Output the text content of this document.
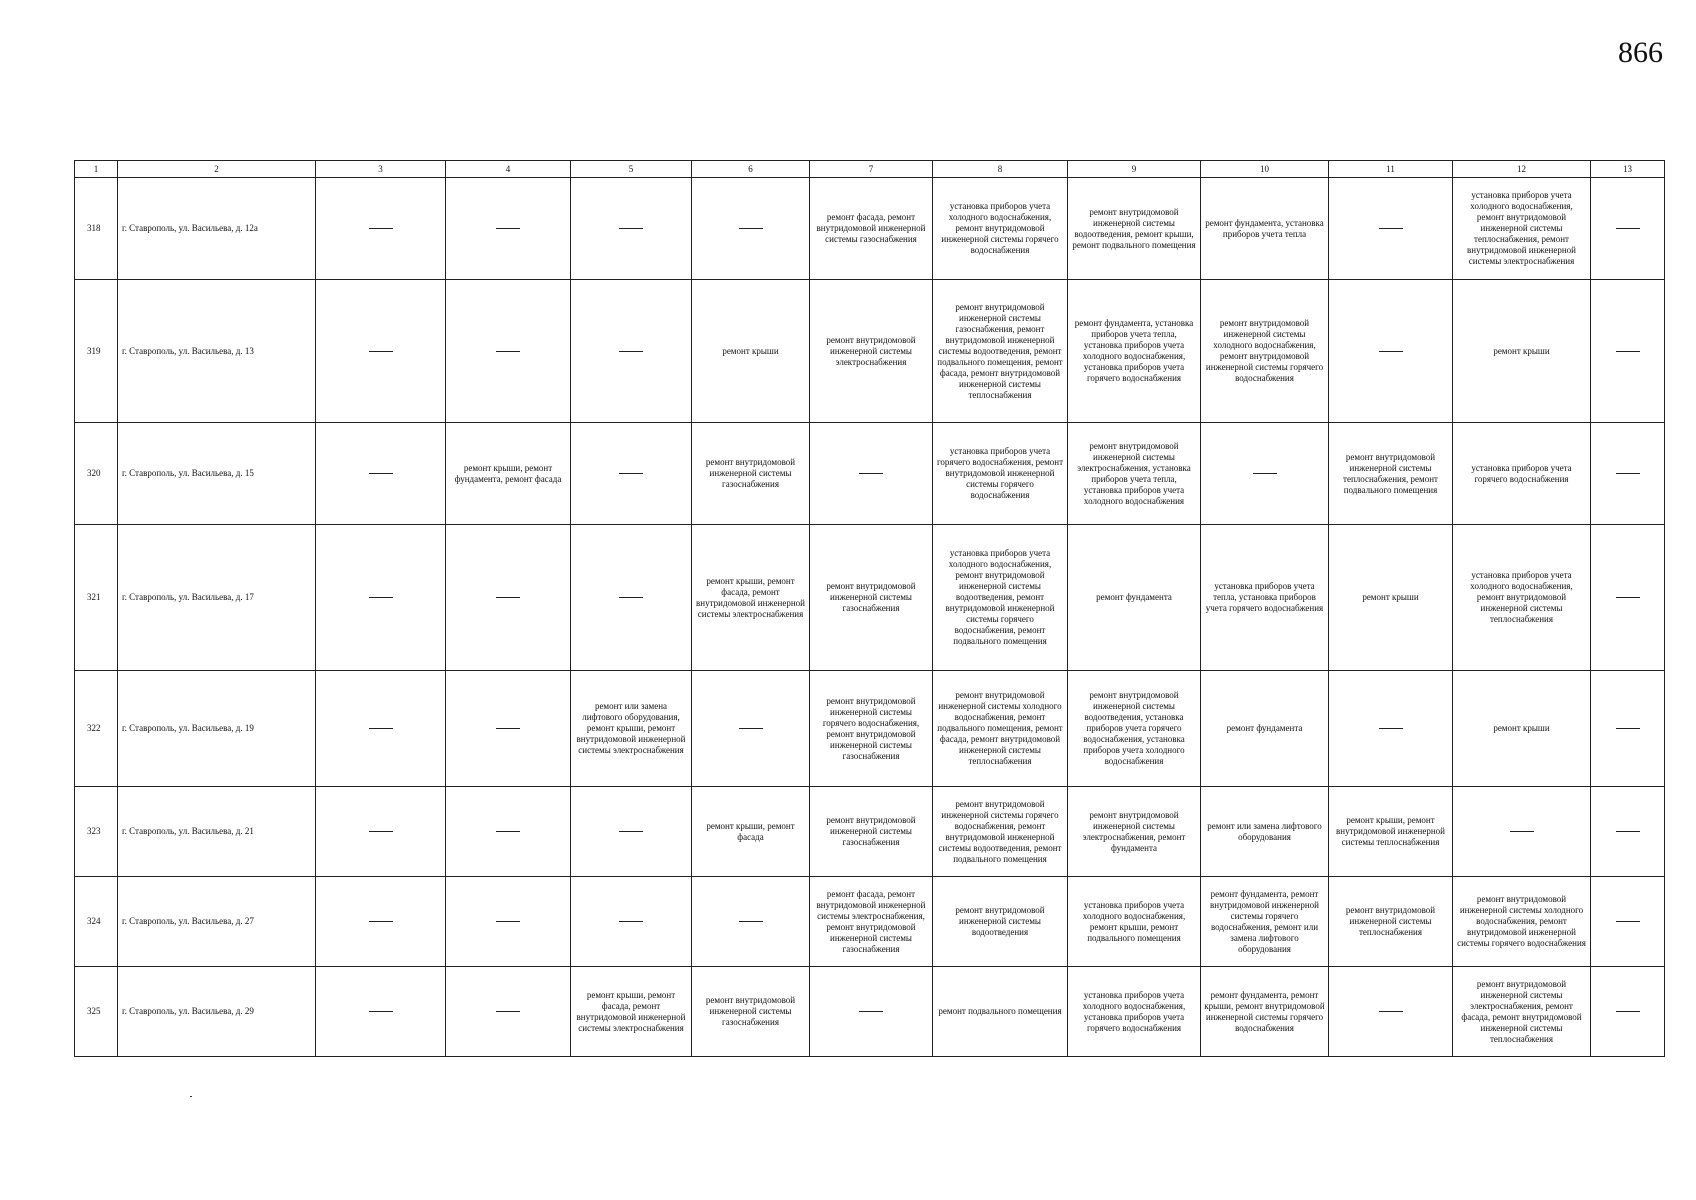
866
1	2	3	4	5	6	7	8	9	10	11	12	13
318	г. Ставрополь, ул. Васильева, д. 12а					ремонт фасада, ремонт внутридомовой инженерной системы газоснабжения	установка приборов учета холодного водоснабжения, ремонт внутридомовой инженерной системы горячего водоснабжения	ремонт внутридомовой инженерной системы водоотведения, ремонт крыши, ремонт подвального помещения	ремонт фундамента, установка приборов учета тепла		установка приборов учета холодного водоснабжения, ремонт внутридомовой инженерной системы теплоснабжения, ремонт внутридомовой инженерной системы электроснабжения	
319	г. Ставрополь, ул. Васильева, д. 13				ремонт крыши	ремонт внутридомовой инженерной системы электроснабжения	ремонт внутридомовой инженерной системы газоснабжения, ремонт внутридомовой инженерной системы водоотведения, ремонт подвального помещения, ремонт фасада, ремонт внутридомовой инженерной системы теплоснабжения	ремонт фундамента, установка приборов учета тепла, установка приборов учета холодного водоснабжения, установка приборов учета горячего водоснабжения	ремонт внутридомовой инженерной системы холодного водоснабжения, ремонт внутридомовой инженерной системы горячего водоснабжения		ремонт крыши	
320	г. Ставрополь, ул. Васильева, д. 15		ремонт крыши, ремонт фундамента, ремонт фасада		ремонт внутридомовой инженерной системы газоснабжения		установка приборов учета горячего водоснабжения, ремонт внутридомовой инженерной системы горячего водоснабжения	ремонт внутридомовой инженерной системы электроснабжения, установка приборов учета тепла, установка приборов учета холодного водоснабжения		ремонт внутридомовой инженерной системы теплоснабжения, ремонт подвального помещения	установка приборов учета горячего водоснабжения	
321	г. Ставрополь, ул. Васильева, д. 17				ремонт крыши, ремонт фасада, ремонт внутридомовой инженерной системы электроснабжения	ремонт внутридомовой инженерной системы газоснабжения	установка приборов учета холодного водоснабжения, ремонт внутридомовой инженерной системы водоотведения, ремонт внутридомовой инженерной системы горячего водоснабжения, ремонт подвального помещения	ремонт фундамента	установка приборов учета тепла, установка приборов учета горячего водоснабжения	ремонт крыши	установка приборов учета холодного водоснабжения, ремонт внутридомовой инженерной системы теплоснабжения	
322	г. Ставрополь, ул. Васильева, д. 19			ремонт или замена лифтового оборудования, ремонт крыши, ремонт внутридомовой инженерной системы электроснабжения		ремонт внутридомовой инженерной системы горячего водоснабжения, ремонт внутридомовой инженерной системы газоснабжения	ремонт внутридомовой инженерной системы холодного водоснабжения, ремонт подвального помещения, ремонт фасада, ремонт внутридомовой инженерной системы теплоснабжения	ремонт внутридомовой инженерной системы водоотведения, установка приборов учета горячего водоснабжения, установка приборов учета холодного водоснабжения	ремонт фундамента		ремонт крыши	
323	г. Ставрополь, ул. Васильева, д. 21				ремонт крыши, ремонт фасада	ремонт внутридомовой инженерной системы газоснабжения	ремонт внутридомовой инженерной системы горячего водоснабжения, ремонт внутридомовой инженерной системы водоотведения, ремонт подвального помещения	ремонт внутридомовой инженерной системы электроснабжения, ремонт фундамента	ремонт или замена лифтового оборудования	ремонт крыши, ремонт внутридомовой инженерной системы теплоснабжения		
324	г. Ставрополь, ул. Васильева, д. 27					ремонт фасада, ремонт внутридомовой инженерной системы электроснабжения, ремонт внутридомовой инженерной системы газоснабжения	ремонт внутридомовой инженерной системы водоотведения	установка приборов учета холодного водоснабжения, ремонт крыши, ремонт подвального помещения	ремонт фундамента, ремонт внутридомовой инженерной системы горячего водоснабжения, ремонт или замена лифтового оборудования	ремонт внутридомовой инженерной системы теплоснабжения	ремонт внутридомовой инженерной системы холодного водоснабжения, ремонт внутридомовой инженерной системы горячего водоснабжения	
325	г. Ставрополь, ул. Васильева, д. 29			ремонт крыши, ремонт фасада, ремонт внутридомовой инженерной системы электроснабжения	ремонт внутридомовой инженерной системы газоснабжения		ремонт подвального помещения	установка приборов учета холодного водоснабжения, установка приборов учета горячего водоснабжения	ремонт фундамента, ремонт крыши, ремонт внутридомовой инженерной системы горячего водоснабжения		ремонт внутридомовой инженерной системы электроснабжения, ремонт фасада, ремонт внутридомовой инженерной системы теплоснабжения	
